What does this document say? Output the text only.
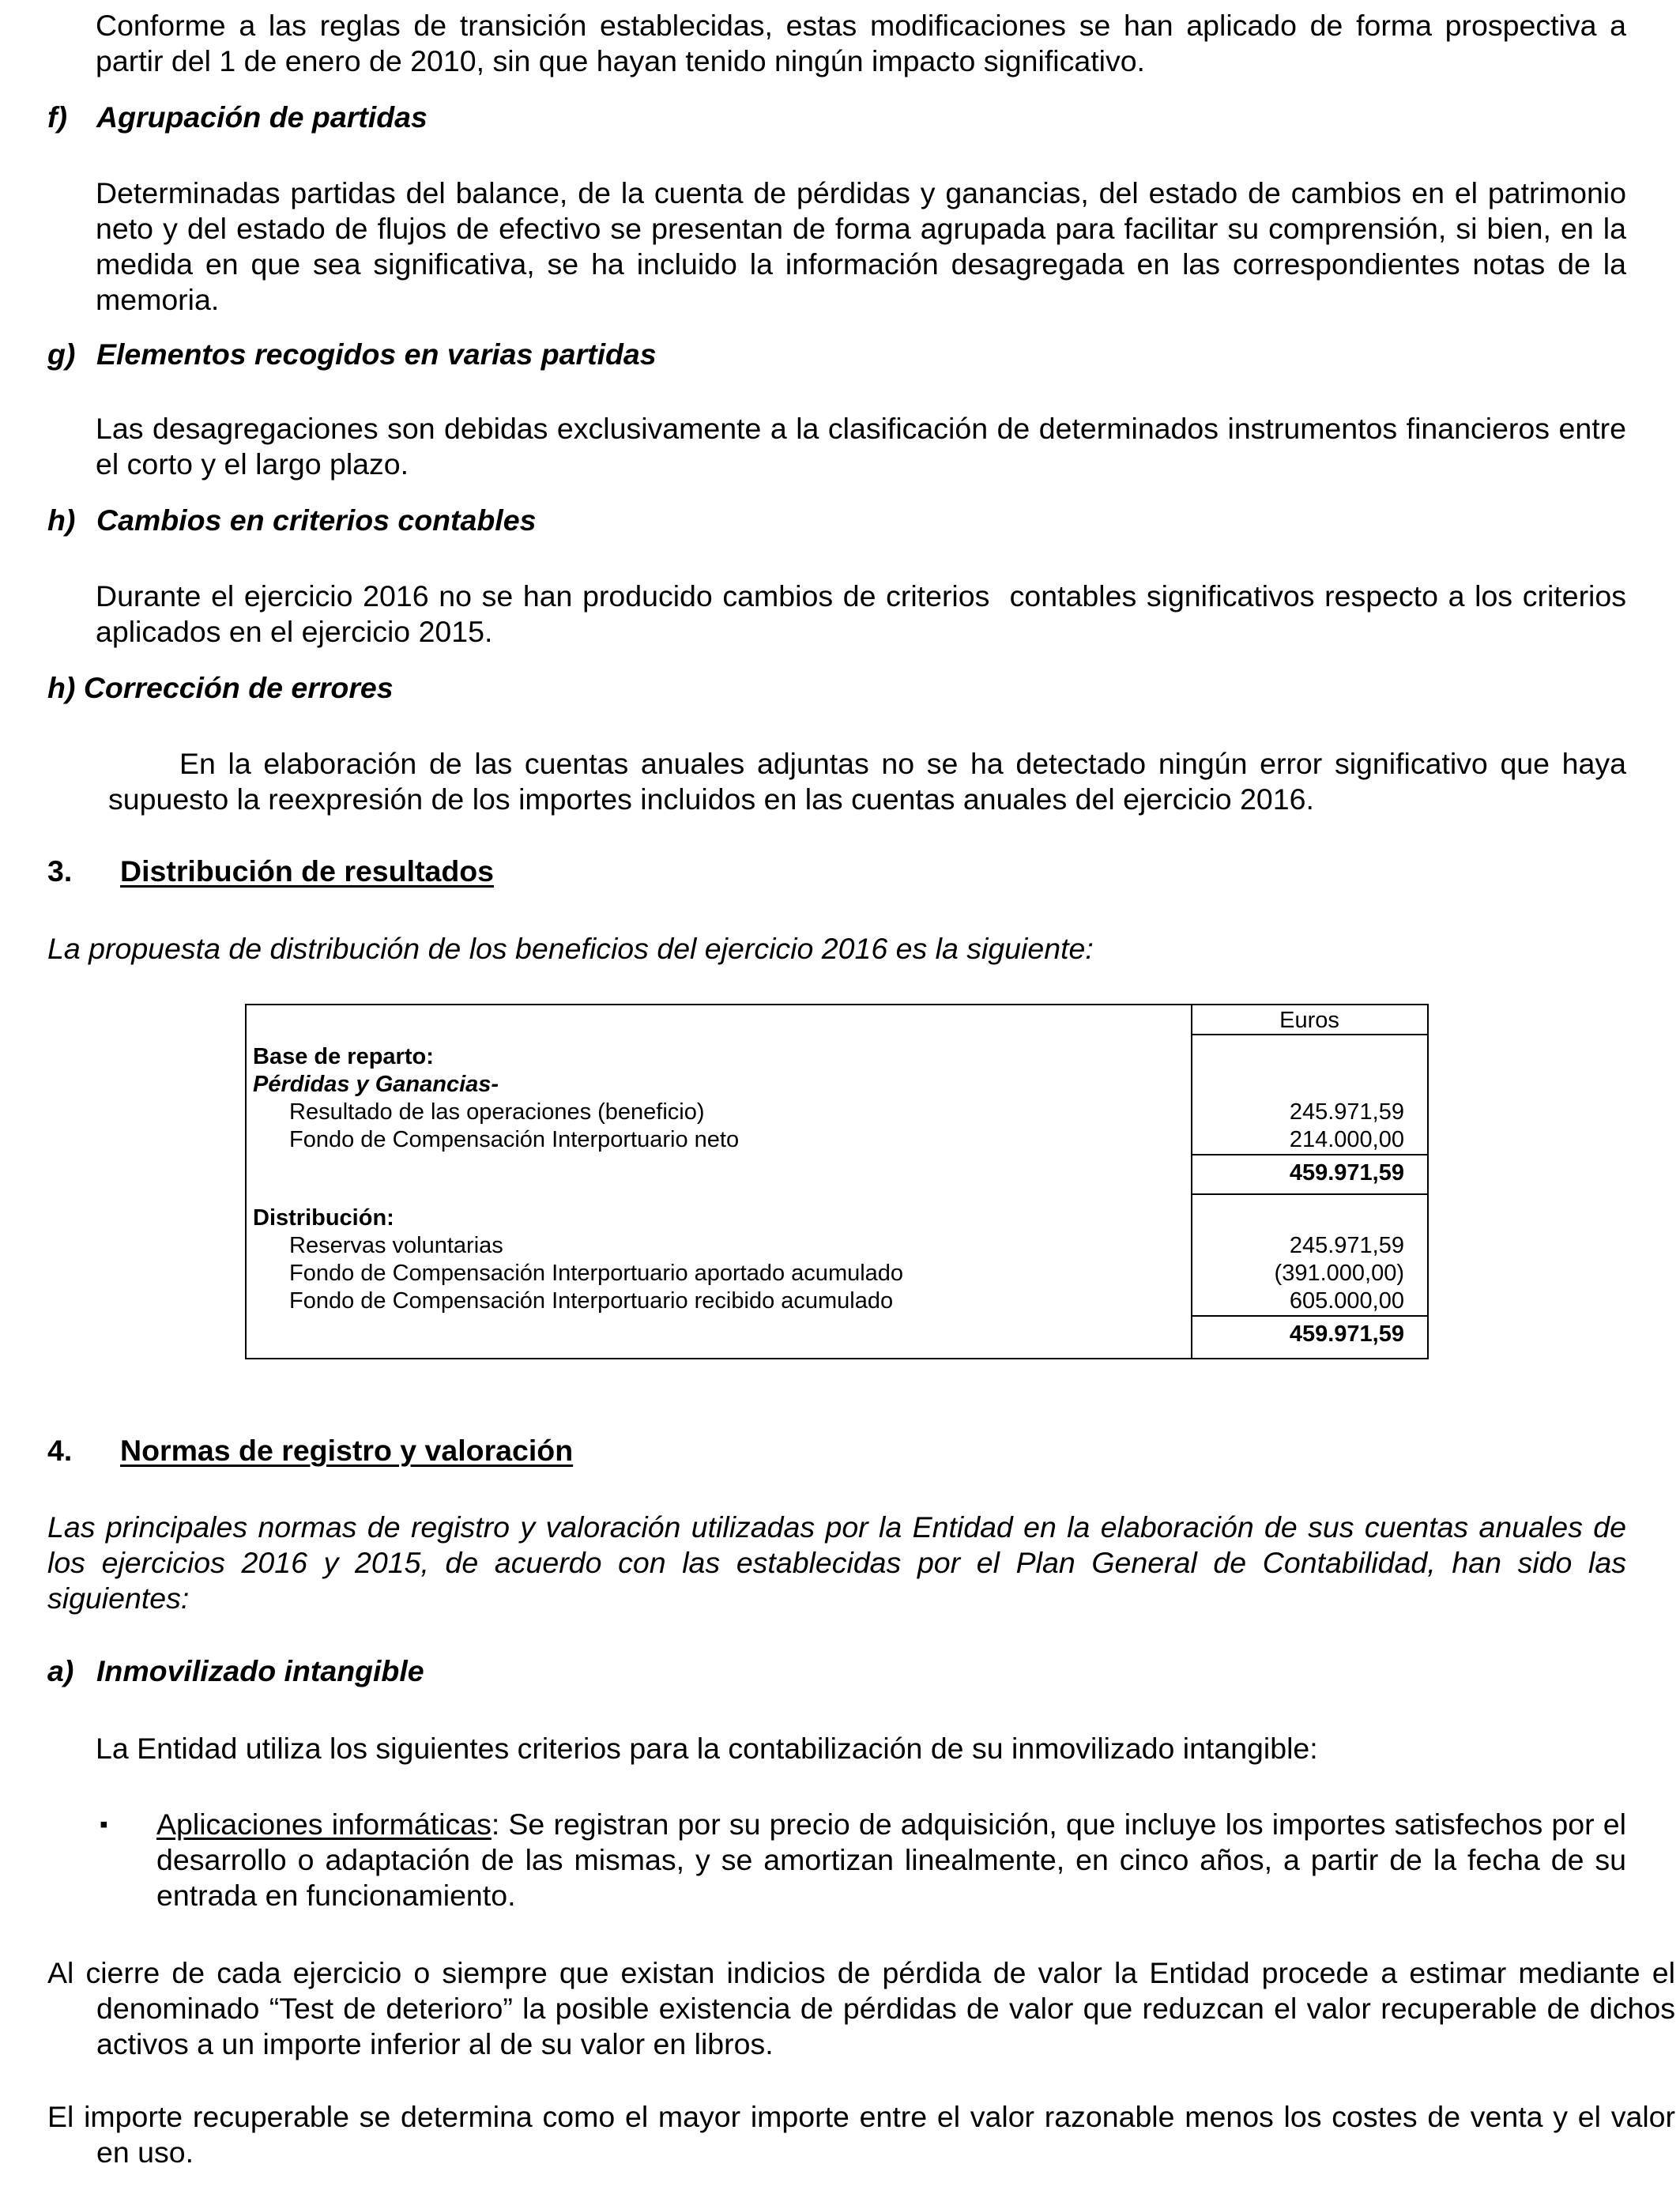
Conforme a las reglas de transición establecidas, estas modificaciones se han aplicado de forma prospectiva a partir del 1 de enero de 2010, sin que hayan tenido ningún impacto significativo.

f) Agrupación de partidas

Determinadas partidas del balance, de la cuenta de pérdidas y ganancias, del estado de cambios en el patrimonio neto y del estado de flujos de efectivo se presentan de forma agrupada para facilitar su comprensión, si bien, en la medida en que sea significativa, se ha incluido la información desagregada en las correspondientes notas de la memoria.

g) Elementos recogidos en varias partidas

Las desagregaciones son debidas exclusivamente a la clasificación de determinados instrumentos financieros entre el corto y el largo plazo.

h) Cambios en criterios contables

Durante el ejercicio 2016 no se han producido cambios de criterios  contables significativos respecto a los criterios aplicados en el ejercicio 2015.

h) Corrección de errores

En la elaboración de las cuentas anuales adjuntas no se ha detectado ningún error significativo que haya supuesto la reexpresión de los importes incluidos en las cuentas anuales del ejercicio 2016.

3. Distribución de resultados

La propuesta de distribución de los beneficios del ejercicio 2016 es la siguiente:

Euros
Base de reparto:
Pérdidas y Ganancias-
Resultado de las operaciones (beneficio)	245.971,59
Fondo de Compensación Interportuario neto	214.000,00
459.971,59
Distribución:
Reservas voluntarias	245.971,59
Fondo de Compensación Interportuario aportado acumulado	(391.000,00)
Fondo de Compensación Interportuario recibido acumulado	605.000,00
459.971,59
4. Normas de registro y valoración

Las principales normas de registro y valoración utilizadas por la Entidad en la elaboración de sus cuentas anuales de los ejercicios 2016 y 2015, de acuerdo con las establecidas por el Plan General de Contabilidad, han sido las siguientes:

a) Inmovilizado intangible

La Entidad utiliza los siguientes criterios para la contabilización de su inmovilizado intangible:

▪ Aplicaciones informáticas: Se registran por su precio de adquisición, que incluye los importes satisfechos por el desarrollo o adaptación de las mismas, y se amortizan linealmente, en cinco años, a partir de la fecha de su entrada en funcionamiento.

Al cierre de cada ejercicio o siempre que existan indicios de pérdida de valor la Entidad procede a estimar mediante el denominado “Test de deterioro” la posible existencia de pérdidas de valor que reduzcan el valor recuperable de dichos activos a un importe inferior al de su valor en libros.

El importe recuperable se determina como el mayor importe entre el valor razonable menos los costes de venta y el valor en uso.
